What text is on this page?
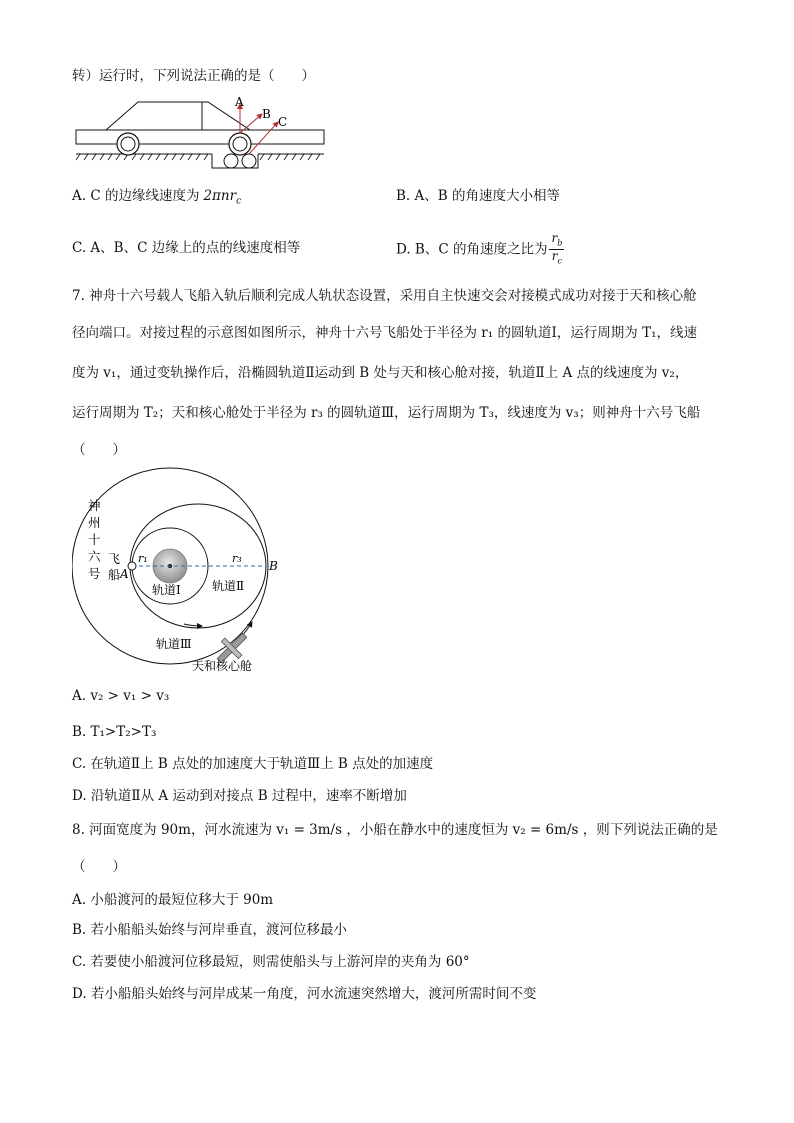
转）运行时，下列说法正确的是（　　）
A
B
C
A. C 的边缘线速度为 2πnr$_c$	B. A、B 的角速度大小相等
C. A、B、C 边缘上的点的线速度相等	D. B、C 的角速度之比为 $\frac{r_b}{r_c}$
7. 神舟十六号载人飞船入轨后顺利完成人轨状态设置，采用自主快速交会对接模式成功对接于天和核心舱
径向端口。对接过程的示意图如图所示，神舟十六号飞船处于半径为 r₁ 的圆轨道Ⅰ，运行周期为 T₁，线速
度为 v₁，通过变轨操作后，沿椭圆轨道Ⅱ运动到 B 处与天和核心舱对接，轨道Ⅱ上 A 点的线速度为 v₂，
运行周期为 T₂；天和核心舱处于半径为 r₃ 的圆轨道Ⅲ，运行周期为 T₃，线速度为 v₃；则神舟十六号飞船
（　　）
神
州
十
六
号
飞
船 A
B
r₁	r₃
轨道Ⅰ	轨道Ⅱ
轨道Ⅲ
天和核心舱
A. v₂ > v₁ > v₃
B. T₁>T₂>T₃
C. 在轨道Ⅱ上 B 点处的加速度大于轨道Ⅲ上 B 点处的加速度
D. 沿轨道Ⅱ从 A 运动到对接点 B 过程中，速率不断增加
8. 河面宽度为 90m，河水流速为 v₁ = 3m/s ，小船在静水中的速度恒为 v₂ = 6m/s ，则下列说法正确的是
（　　）
A. 小船渡河的最短位移大于 90m
B. 若小船船头始终与河岸垂直，渡河位移最小
C. 若要使小船渡河位移最短，则需使船头与上游河岸的夹角为 60°
D. 若小船船头始终与河岸成某一角度，河水流速突然增大，渡河所需时间不变
